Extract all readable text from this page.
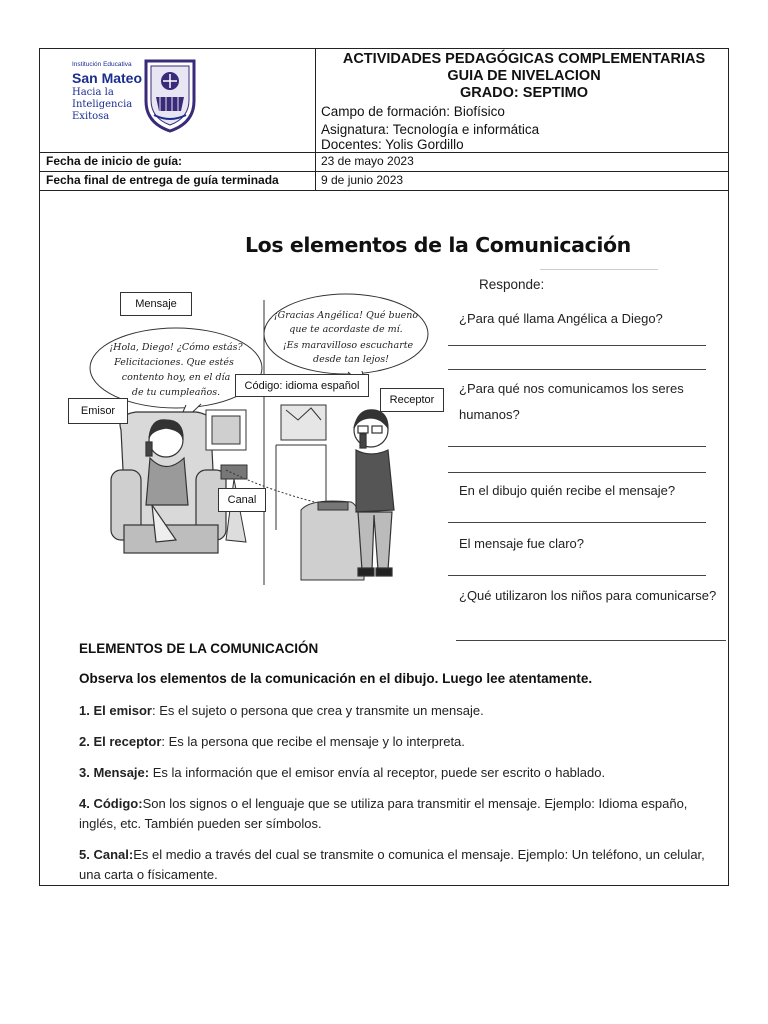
Institución Educativa
San Mateo
Hacia la
Inteligencia
Exitosa
ACTIVIDADES PEDAGÓGICAS COMPLEMENTARIAS
GUIA DE NIVELACION
GRADO: SEPTIMO
Campo de formación: Biofísico
Asignatura: Tecnología e informática
Docentes: Yolis Gordillo
Fecha de inicio de guía:	23 de mayo 2023
Fecha final de entrega de guía terminada	9 de junio 2023
Los elementos de la Comunicación
¡Hola, Diego! ¿Cómo estás?
Felicitaciones. Que estés
contento hoy, en el día
de tu cumpleaños.
¡Gracias Angélica! Qué bueno
que te acordaste de mí.
¡Es maravilloso escucharte
desde tan lejos!
Mensaje
Emisor
Código: idioma español
Receptor
Canal
Responde:
¿Para qué llama Angélica a Diego?
¿Para qué nos comunicamos los seres
humanos?
En el dibujo quién recibe el mensaje?
El mensaje fue claro?
¿Qué utilizaron los niños para comunicarse?
ELEMENTOS DE LA COMUNICACIÓN
Observa los elementos de la comunicación en el dibujo. Luego lee atentamente.
1. El emisor: Es el sujeto o persona que crea y transmite un mensaje.
2. El receptor: Es la persona que recibe el mensaje y lo interpreta.
3. Mensaje: Es la información que el emisor envía al receptor, puede ser escrito o hablado.
4. Código:Son los signos o el lenguaje que se utiliza para transmitir el mensaje. Ejemplo: Idioma españo, inglés, etc. También pueden ser símbolos.
5. Canal:Es el medio a través del cual se transmite o comunica el mensaje. Ejemplo: Un teléfono, un celular, una carta o físicamente.
